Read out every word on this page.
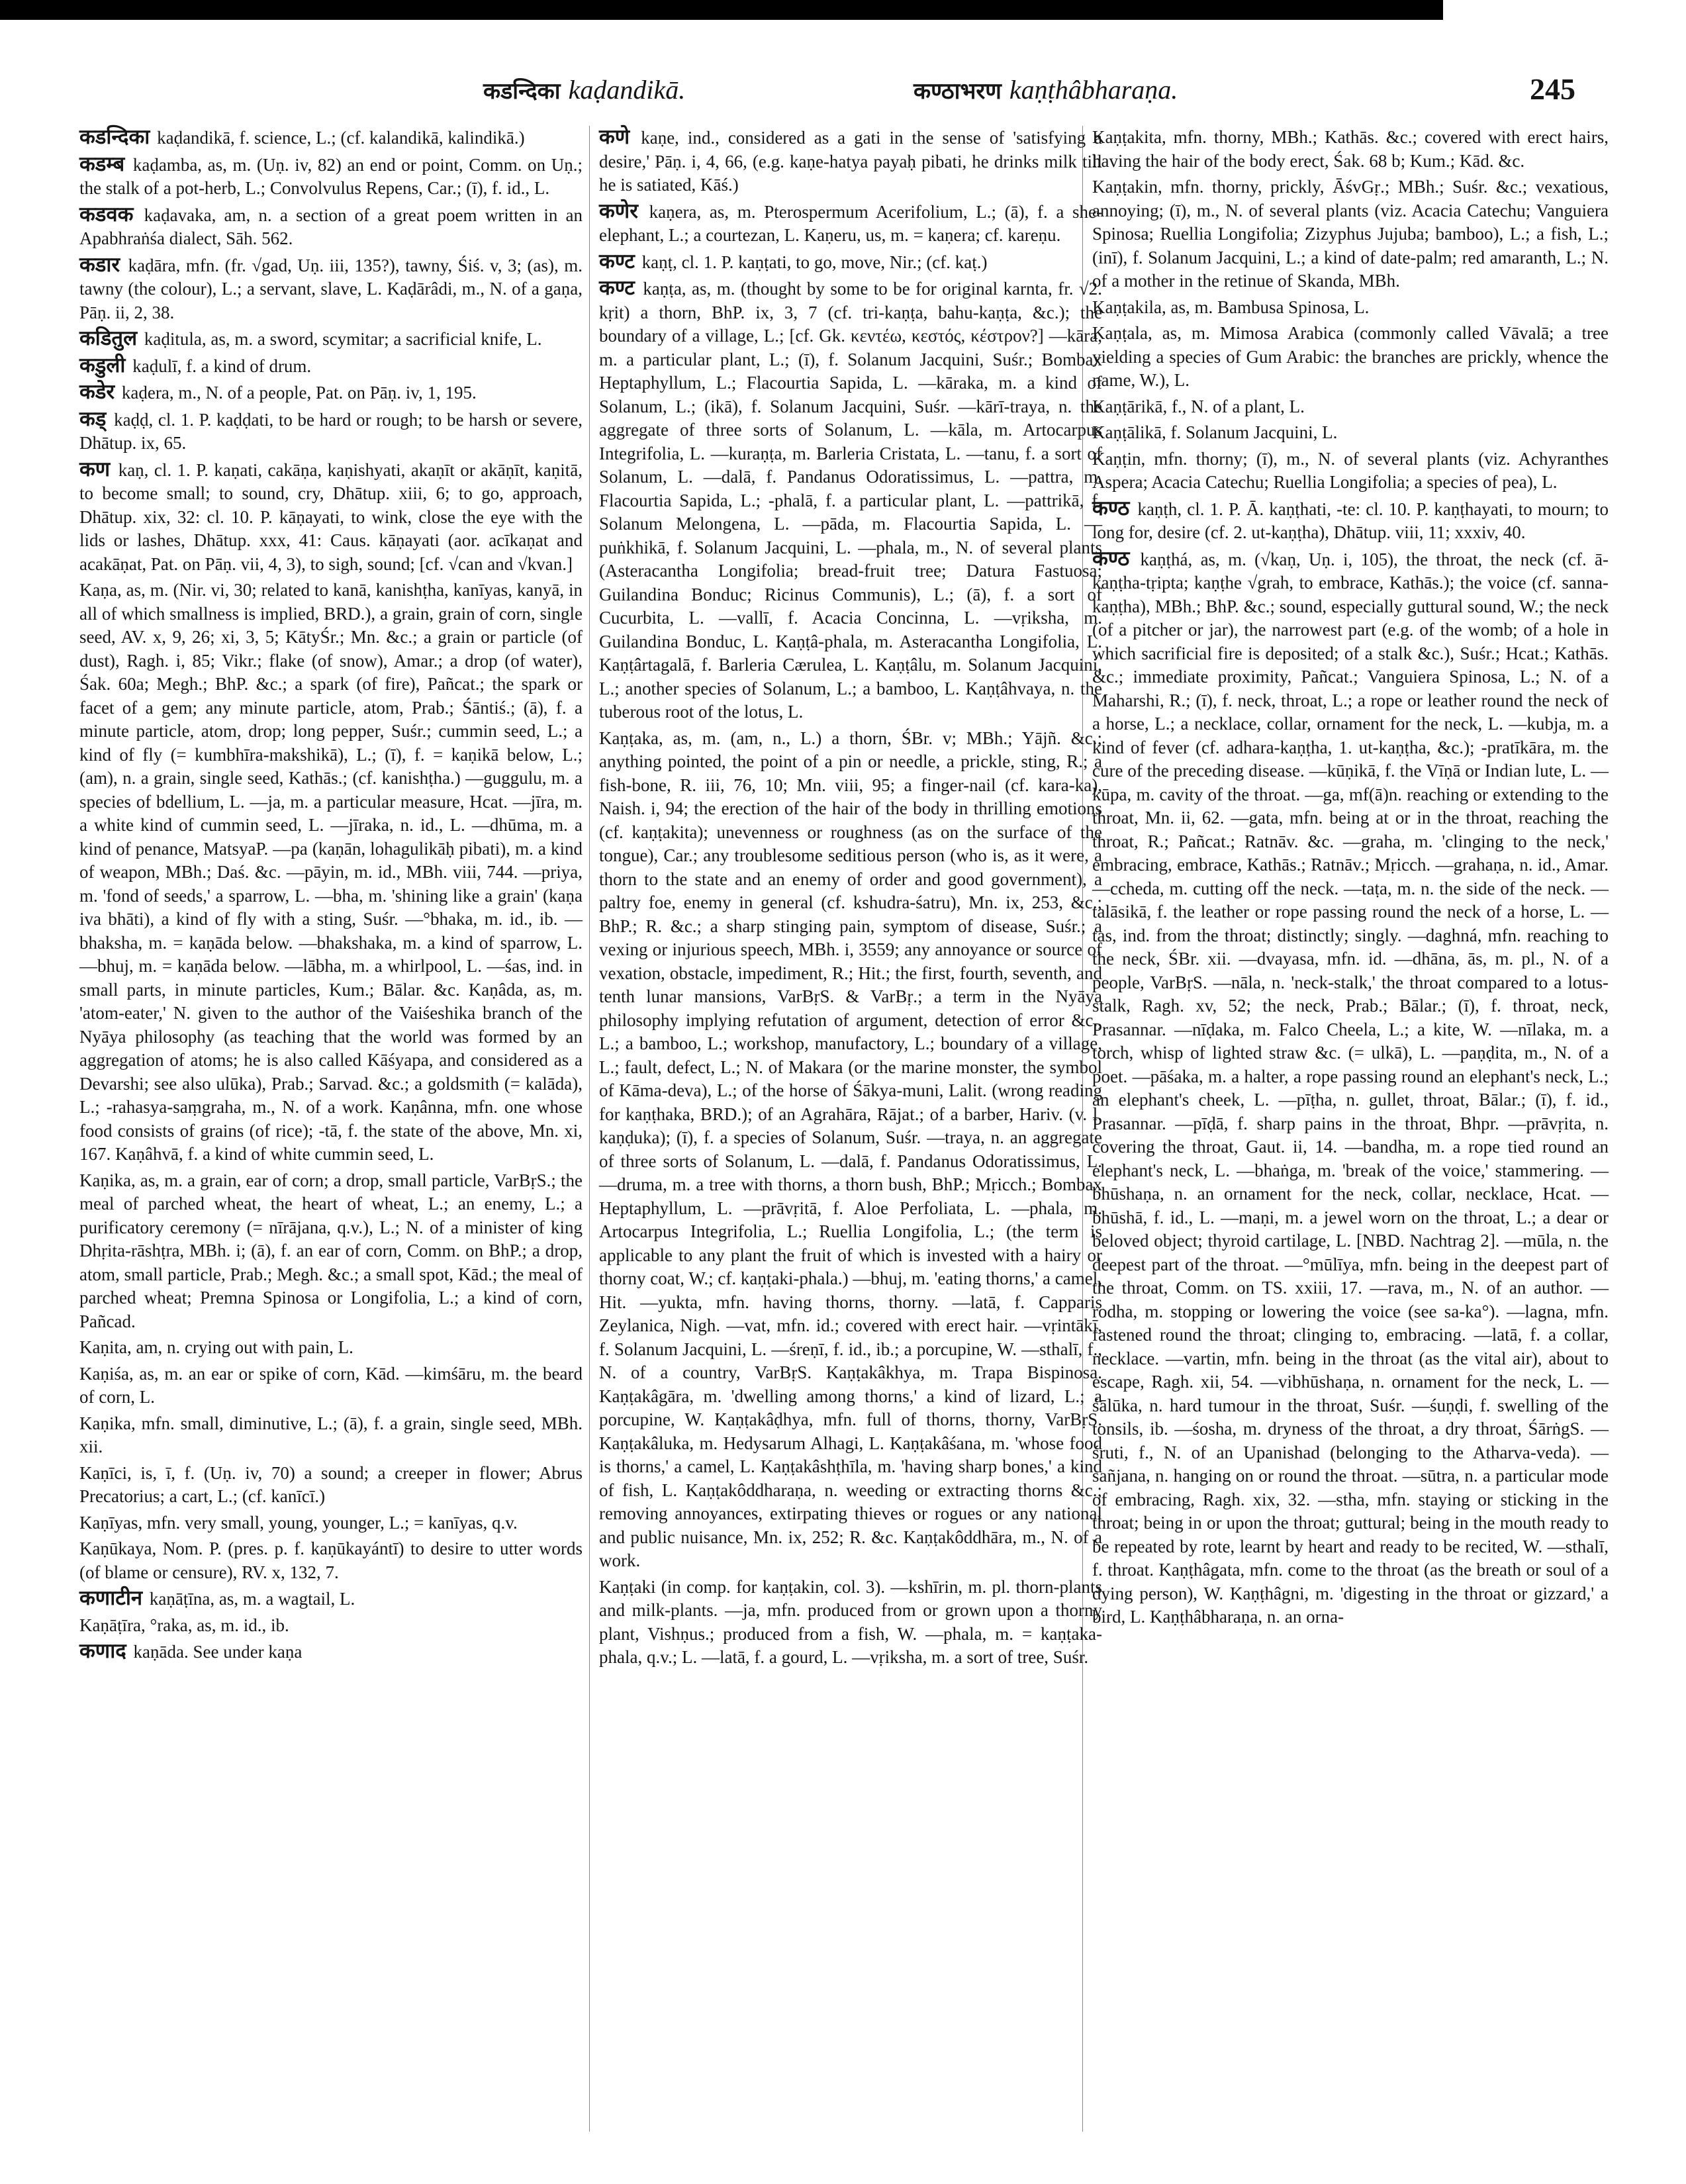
कडन्दिका kaḍandikā.	कण्ठाभरण kaṇṭhâbharaṇa.	245

कडन्दिका kaḍandikā, f. science, L.; (cf. kalandikā, kalindikā.)

कडम्ब kaḍamba, as, m. (Uṇ. iv, 82) an end or point, Comm. on Uṇ.; the stalk of a pot-herb, L.; Convolvulus Repens, Car.; (ī), f. id., L.

कडवक kaḍavaka, am, n. a section of a great poem written in an Apabhraṅśa dialect, Sāh. 562.

कडार kaḍāra, mfn. (fr. √gad, Uṇ. iii, 135?), tawny, Śiś. v, 3; (as), m. tawny (the colour), L.; a servant, slave, L. Kaḍārâdi, m., N. of a gaṇa, Pāṇ. ii, 2, 38.

कडितुल kaḍitula, as, m. a sword, scymitar; a sacrificial knife, L.

कडुली kaḍulī, f. a kind of drum.

कडेर kaḍera, m., N. of a people, Pat. on Pāṇ. iv, 1, 195.

कड् kaḍḍ, cl. 1. P. kaḍḍati, to be hard or rough; to be harsh or severe, Dhātup. ix, 65.

कण kaṇ, cl. 1. P. kaṇati, cakāṇa, kaṇishyati, akaṇīt or akāṇīt, kaṇitā, to become small; to sound, cry, Dhātup. xiii, 6; to go, approach, Dhātup. xix, 32: cl. 10. P. kāṇayati, to wink, close the eye with the lids or lashes, Dhātup. xxx, 41: Caus. kāṇayati (aor. acīkaṇat and acakāṇat, Pat. on Pāṇ. vii, 4, 3), to sigh, sound; [cf. √can and √kvan.]

Kaṇa, as, m. (Nir. vi, 30; related to kanā, kanishṭha, kanīyas, kanyā, in all of which smallness is implied, BRD.), a grain, grain of corn, single seed, AV. x, 9, 26; xi, 3, 5; KātyŚr.; Mn. &c.; a grain or particle (of dust), Ragh. i, 85; Vikr.; flake (of snow), Amar.; a drop (of water), Śak. 60a; Megh.; BhP. &c.; a spark (of fire), Pañcat.; the spark or facet of a gem; any minute particle, atom, Prab.; Śāntiś.; (ā), f. a minute particle, atom, drop; long pepper, Suśr.; cummin seed, L.; a kind of fly (= kumbhīra-makshikā), L.; (ī), f. = kaṇikā below, L.; (am), n. a grain, single seed, Kathās.; (cf. kanishṭha.) —guggulu, m. a species of bdellium, L. —ja, m. a particular measure, Hcat. —jīra, m. a white kind of cummin seed, L. —jīraka, n. id., L. —dhūma, m. a kind of penance, MatsyaP. —pa (kaṇān, lohagulikāḥ pibati), m. a kind of weapon, MBh.; Daś. &c. —pāyin, m. id., MBh. viii, 744. —priya, m. 'fond of seeds,' a sparrow, L. —bha, m. 'shining like a grain' (kaṇa iva bhāti), a kind of fly with a sting, Suśr. —°bhaka, m. id., ib. —bhaksha, m. = kaṇāda below. —bhakshaka, m. a kind of sparrow, L. —bhuj, m. = kaṇāda below. —lābha, m. a whirlpool, L. —śas, ind. in small parts, in minute particles, Kum.; Bālar. &c. Kaṇâda, as, m. 'atom-eater,' N. given to the author of the Vaiśeshika branch of the Nyāya philosophy (as teaching that the world was formed by an aggregation of atoms; he is also called Kāśyapa, and considered as a Devarshi; see also ulūka), Prab.; Sarvad. &c.; a goldsmith (= kalāda), L.; -rahasya-saṃgraha, m., N. of a work. Kaṇânna, mfn. one whose food consists of grains (of rice); -tā, f. the state of the above, Mn. xi, 167. Kaṇâhvā, f. a kind of white cummin seed, L.

Kaṇika, as, m. a grain, ear of corn; a drop, small particle, VarBṛS.; the meal of parched wheat, the heart of wheat, L.; an enemy, L.; a purificatory ceremony (= nīrājana, q.v.), L.; N. of a minister of king Dhṛita-rāshṭra, MBh. i; (ā), f. an ear of corn, Comm. on BhP.; a drop, atom, small particle, Prab.; Megh. &c.; a small spot, Kād.; the meal of parched wheat; Premna Spinosa or Longifolia, L.; a kind of corn, Pañcad.

Kaṇita, am, n. crying out with pain, L.

Kaṇiśa, as, m. an ear or spike of corn, Kād. —kimśāru, m. the beard of corn, L.

Kaṇika, mfn. small, diminutive, L.; (ā), f. a grain, single seed, MBh. xii.

Kaṇīci, is, ī, f. (Uṇ. iv, 70) a sound; a creeper in flower; Abrus Precatorius; a cart, L.; (cf. kanīcī.)

Kaṇīyas, mfn. very small, young, younger, L.; = kanīyas, q.v.

Kaṇūkaya, Nom. P. (pres. p. f. kaṇūkayántī) to desire to utter words (of blame or censure), RV. x, 132, 7.

कणाटीन kaṇāṭīna, as, m. a wagtail, L.

Kaṇāṭīra, °raka, as, m. id., ib.

कणाद kaṇāda. See under kaṇa

कणे kaṇe, ind., considered as a gati in the sense of 'satisfying a desire,' Pāṇ. i, 4, 66, (e.g. kaṇe-hatya payaḥ pibati, he drinks milk till he is satiated, Kāś.)

कणेर kaṇera, as, m. Pterospermum Acerifolium, L.; (ā), f. a she-elephant, L.; a courtezan, L. Kaṇeru, us, m. = kaṇera; cf. kareṇu.

कण्ट kaṇṭ, cl. 1. P. kaṇṭati, to go, move, Nir.; (cf. kaṭ.)

कण्ट kaṇṭa, as, m. (thought by some to be for original karnta, fr. √2. kṛit) a thorn, BhP. ix, 3, 7 (cf. tri-kaṇṭa, bahu-kaṇṭa, &c.); the boundary of a village, L.; [cf. Gk. κεντέω, κεστός, κέστρον?] —kāra, m. a particular plant, L.; (ī), f. Solanum Jacquini, Suśr.; Bombax Heptaphyllum, L.; Flacourtia Sapida, L. —kāraka, m. a kind of Solanum, L.; (ikā), f. Solanum Jacquini, Suśr. —kārī-traya, n. the aggregate of three sorts of Solanum, L. —kāla, m. Artocarpus Integrifolia, L. —kuraṇṭa, m. Barleria Cristata, L. —tanu, f. a sort of Solanum, L. —dalā, f. Pandanus Odoratissimus, L. —pattra, m. Flacourtia Sapida, L.; -phalā, f. a particular plant, L. —pattrikā, f. Solanum Melongena, L. —pāda, m. Flacourtia Sapida, L. —puṅkhikā, f. Solanum Jacquini, L. —phala, m., N. of several plants (Asteracantha Longifolia; bread-fruit tree; Datura Fastuosa; Guilandina Bonduc; Ricinus Communis), L.; (ā), f. a sort of Cucurbita, L. —vallī, f. Acacia Concinna, L. —vṛiksha, m. Guilandina Bonduc, L. Kaṇṭâ-phala, m. Asteracantha Longifolia, L. Kaṇṭârtagalā, f. Barleria Cærulea, L. Kaṇṭâlu, m. Solanum Jacquini, L.; another species of Solanum, L.; a bamboo, L. Kaṇṭâhvaya, n. the tuberous root of the lotus, L.

Kaṇṭaka, as, m. (am, n., L.) a thorn, ŚBr. v; MBh.; Yājñ. &c.; anything pointed, the point of a pin or needle, a prickle, sting, R.; a fish-bone, R. iii, 76, 10; Mn. viii, 95; a finger-nail (cf. kara-ka), Naish. i, 94; the erection of the hair of the body in thrilling emotions (cf. kaṇṭakita); unevenness or roughness (as on the surface of the tongue), Car.; any troublesome seditious person (who is, as it were, a thorn to the state and an enemy of order and good government), a paltry foe, enemy in general (cf. kshudra-śatru), Mn. ix, 253, &c.; BhP.; R. &c.; a sharp stinging pain, symptom of disease, Suśr.; a vexing or injurious speech, MBh. i, 3559; any annoyance or source of vexation, obstacle, impediment, R.; Hit.; the first, fourth, seventh, and tenth lunar mansions, VarBṛS. & VarBṛ.; a term in the Nyāya philosophy implying refutation of argument, detection of error &c., L.; a bamboo, L.; workshop, manufactory, L.; boundary of a village, L.; fault, defect, L.; N. of Makara (or the marine monster, the symbol of Kāma-deva), L.; of the horse of Śākya-muni, Lalit. (wrong reading for kaṇṭhaka, BRD.); of an Agrahāra, Rājat.; of a barber, Hariv. (v. l. kaṇḍuka); (ī), f. a species of Solanum, Suśr. —traya, n. an aggregate of three sorts of Solanum, L. —dalā, f. Pandanus Odoratissimus, L. —druma, m. a tree with thorns, a thorn bush, BhP.; Mṛicch.; Bombax Heptaphyllum, L. —prāvṛitā, f. Aloe Perfoliata, L. —phala, m. Artocarpus Integrifolia, L.; Ruellia Longifolia, L.; (the term is applicable to any plant the fruit of which is invested with a hairy or thorny coat, W.; cf. kaṇṭaki-phala.) —bhuj, m. 'eating thorns,' a camel, Hit. —yukta, mfn. having thorns, thorny. —latā, f. Capparis Zeylanica, Nigh. —vat, mfn. id.; covered with erect hair. —vṛintākī, f. Solanum Jacquini, L. —śreṇī, f. id., ib.; a porcupine, W. —sthalī, f., N. of a country, VarBṛS. Kaṇṭakâkhya, m. Trapa Bispinosa. Kaṇṭakâgāra, m. 'dwelling among thorns,' a kind of lizard, L.; a porcupine, W. Kaṇṭakâḍhya, mfn. full of thorns, thorny, VarBṛS. Kaṇṭakâluka, m. Hedysarum Alhagi, L. Kaṇṭakâśana, m. 'whose food is thorns,' a camel, L. Kaṇṭakâshṭhīla, m. 'having sharp bones,' a kind of fish, L. Kaṇṭakôddharaṇa, n. weeding or extracting thorns &c.; removing annoyances, extirpating thieves or rogues or any national and public nuisance, Mn. ix, 252; R. &c. Kaṇṭakôddhāra, m., N. of a work.

Kaṇṭaki (in comp. for kaṇṭakin, col. 3). —kshīrin, m. pl. thorn-plants and milk-plants. —ja, mfn. produced from or grown upon a thorny plant, Vishṇus.; produced from a fish, W. —phala, m. = kaṇṭaka-phala, q.v.; L. —latā, f. a gourd, L. —vṛiksha, m. a sort of tree, Suśr.

Kaṇṭakita, mfn. thorny, MBh.; Kathās. &c.; covered with erect hairs, having the hair of the body erect, Śak. 68 b; Kum.; Kād. &c.

Kaṇṭakin, mfn. thorny, prickly, ĀśvGṛ.; MBh.; Suśr. &c.; vexatious, annoying; (ī), m., N. of several plants (viz. Acacia Catechu; Vanguiera Spinosa; Ruellia Longifolia; Zizyphus Jujuba; bamboo), L.; a fish, L.; (inī), f. Solanum Jacquini, L.; a kind of date-palm; red amaranth, L.; N. of a mother in the retinue of Skanda, MBh.

Kaṇṭakila, as, m. Bambusa Spinosa, L.

Kaṇṭala, as, m. Mimosa Arabica (commonly called Vāvalā; a tree yielding a species of Gum Arabic: the branches are prickly, whence the name, W.), L.

Kaṇṭārikā, f., N. of a plant, L.

Kaṇṭālikā, f. Solanum Jacquini, L.

Kaṇṭin, mfn. thorny; (ī), m., N. of several plants (viz. Achyranthes Aspera; Acacia Catechu; Ruellia Longifolia; a species of pea), L.

कण्ठ kaṇṭh, cl. 1. P. Ā. kaṇṭhati, -te: cl. 10. P. kaṇṭhayati, to mourn; to long for, desire (cf. 2. ut-kaṇṭha), Dhātup. viii, 11; xxxiv, 40.

कण्ठ kaṇṭhá, as, m. (√kaṇ, Uṇ. i, 105), the throat, the neck (cf. ā-kaṇṭha-tṛipta; kaṇṭhe √grah, to embrace, Kathās.); the voice (cf. sanna-kaṇṭha), MBh.; BhP. &c.; sound, especially guttural sound, W.; the neck (of a pitcher or jar), the narrowest part (e.g. of the womb; of a hole in which sacrificial fire is deposited; of a stalk &c.), Suśr.; Hcat.; Kathās. &c.; immediate proximity, Pañcat.; Vanguiera Spinosa, L.; N. of a Maharshi, R.; (ī), f. neck, throat, L.; a rope or leather round the neck of a horse, L.; a necklace, collar, ornament for the neck, L. —kubja, m. a kind of fever (cf. adhara-kaṇṭha, 1. ut-kaṇṭha, &c.); -pratīkāra, m. the cure of the preceding disease. —kūṇikā, f. the Vīṇā or Indian lute, L. —kūpa, m. cavity of the throat. —ga, mf(ā)n. reaching or extending to the throat, Mn. ii, 62. —gata, mfn. being at or in the throat, reaching the throat, R.; Pañcat.; Ratnāv. &c. —graha, m. 'clinging to the neck,' embracing, embrace, Kathās.; Ratnāv.; Mṛicch. —grahaṇa, n. id., Amar. —ccheda, m. cutting off the neck. —taṭa, m. n. the side of the neck. —talāsikā, f. the leather or rope passing round the neck of a horse, L. —tas, ind. from the throat; distinctly; singly. —daghná, mfn. reaching to the neck, ŚBr. xii. —dvayasa, mfn. id. —dhāna, ās, m. pl., N. of a people, VarBṛS. —nāla, n. 'neck-stalk,' the throat compared to a lotus-stalk, Ragh. xv, 52; the neck, Prab.; Bālar.; (ī), f. throat, neck, Prasannar. —nīḍaka, m. Falco Cheela, L.; a kite, W. —nīlaka, m. a torch, whisp of lighted straw &c. (= ulkā), L. —paṇḍita, m., N. of a poet. —pāśaka, m. a halter, a rope passing round an elephant's neck, L.; an elephant's cheek, L. —pīṭha, n. gullet, throat, Bālar.; (ī), f. id., Prasannar. —pīḍā, f. sharp pains in the throat, Bhpr. —prāvṛita, n. covering the throat, Gaut. ii, 14. —bandha, m. a rope tied round an elephant's neck, L. —bhaṅga, m. 'break of the voice,' stammering. —bhūshaṇa, n. an ornament for the neck, collar, necklace, Hcat. —bhūshā, f. id., L. —maṇi, m. a jewel worn on the throat, L.; a dear or beloved object; thyroid cartilage, L. [NBD. Nachtrag 2]. —mūla, n. the deepest part of the throat. —°mūlīya, mfn. being in the deepest part of the throat, Comm. on TS. xxiii, 17. —rava, m., N. of an author. —rodha, m. stopping or lowering the voice (see sa-ka°). —lagna, mfn. fastened round the throat; clinging to, embracing. —latā, f. a collar, necklace. —vartin, mfn. being in the throat (as the vital air), about to escape, Ragh. xii, 54. —vibhūshaṇa, n. ornament for the neck, L. —śālūka, n. hard tumour in the throat, Suśr. —śuṇḍi, f. swelling of the tonsils, ib. —śosha, m. dryness of the throat, a dry throat, ŚārṅgS. —śruti, f., N. of an Upanishad (belonging to the Atharva-veda). —sañjana, n. hanging on or round the throat. —sūtra, n. a particular mode of embracing, Ragh. xix, 32. —stha, mfn. staying or sticking in the throat; being in or upon the throat; guttural; being in the mouth ready to be repeated by rote, learnt by heart and ready to be recited, W. —sthalī, f. throat. Kaṇṭhâgata, mfn. come to the throat (as the breath or soul of a dying person), W. Kaṇṭhâgni, m. 'digesting in the throat or gizzard,' a bird, L. Kaṇṭhâbharaṇa, n. an orna-
